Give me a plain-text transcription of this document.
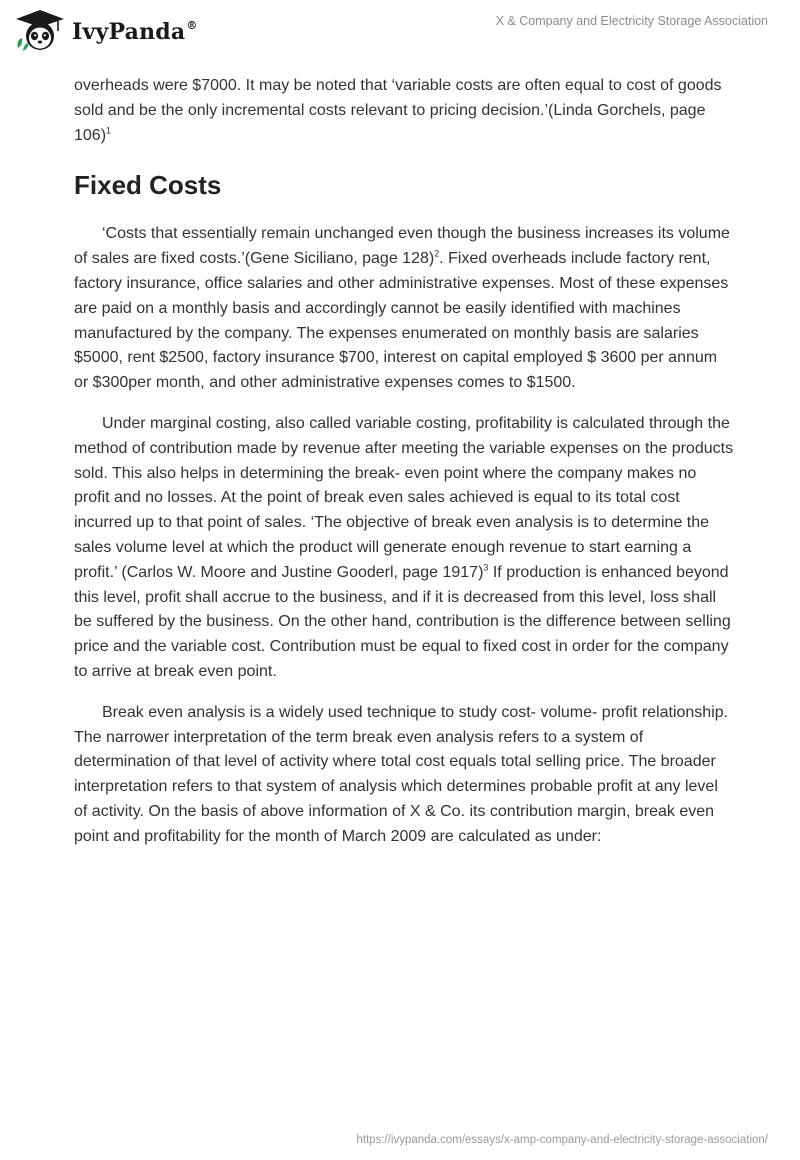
IvyPanda®	X & Company and Electricity Storage Association

overheads were $7000. It may be noted that ‘variable costs are often equal to cost of goods sold and be the only incremental costs relevant to pricing decision.’(Linda Gorchels, page 106)$^1$

Fixed Costs

‘Costs that essentially remain unchanged even though the business increases its volume of sales are fixed costs.’(Gene Siciliano, page 128)$^2$. Fixed overheads include factory rent, factory insurance, office salaries and other administrative expenses. Most of these expenses are paid on a monthly basis and accordingly cannot be easily identified with machines manufactured by the company. The expenses enumerated on monthly basis are salaries $5000, rent $2500, factory insurance $700, interest on capital employed $ 3600 per annum or $300per month, and other administrative expenses comes to $1500.

Under marginal costing, also called variable costing, profitability is calculated through the method of contribution made by revenue after meeting the variable expenses on the products sold. This also helps in determining the break- even point where the company makes no profit and no losses. At the point of break even sales achieved is equal to its total cost incurred up to that point of sales. ‘The objective of break even analysis is to determine the sales volume level at which the product will generate enough revenue to start earning a profit.’ (Carlos W. Moore and Justine Gooderl, page 1917)$^3$ If production is enhanced beyond this level, profit shall accrue to the business, and if it is decreased from this level, loss shall be suffered by the business. On the other hand, contribution is the difference between selling price and the variable cost. Contribution must be equal to fixed cost in order for the company to arrive at break even point.

Break even analysis is a widely used technique to study cost- volume- profit relationship. The narrower interpretation of the term break even analysis refers to a system of determination of that level of activity where total cost equals total selling price. The broader interpretation refers to that system of analysis which determines probable profit at any level of activity. On the basis of above information of X & Co. its contribution margin, break even point and profitability for the month of March 2009 are calculated as under:

https://ivypanda.com/essays/x-amp-company-and-electricity-storage-association/
